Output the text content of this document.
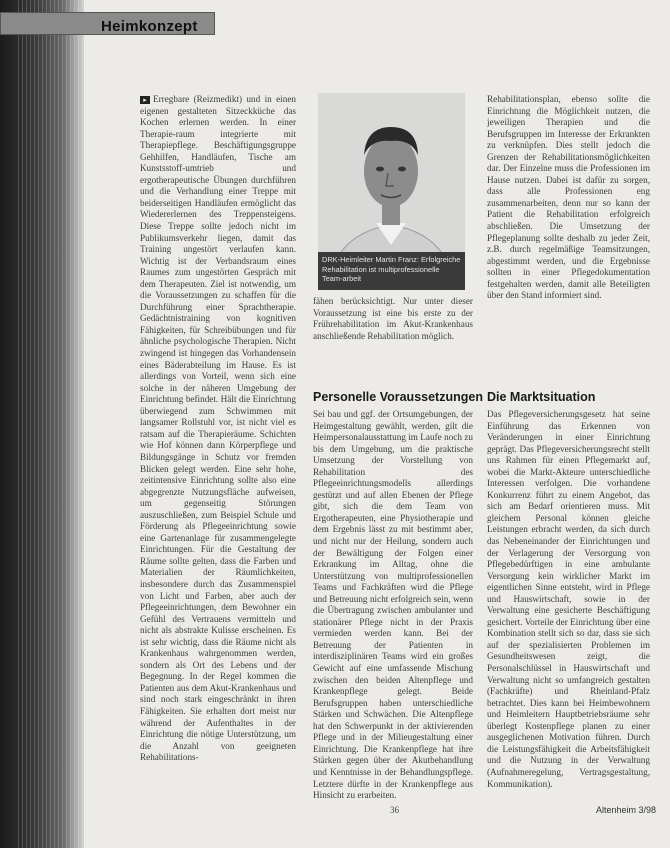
Heimkonzept

▸ Erregbare (Reizmedikt) und in einen eigenen gestalteten Sitzeckküche das Kochen erlernen werden. In einer Therapie-raum integrierte mit Therapiepflege. Beschäftigungsgruppe Gehhilfen, Handläufen, Tische am Kunstsstoff-umtrieb und ergotherapeutische Übungen durchführen und die Verhandlung einer Treppe mit beiderseitigen Handläufen ermöglicht das Wiedererlernen des Treppensteigens. Diese Treppe sollte jedoch nicht im Publikumsverkehr liegen, damit das Training ungestört verlaufen kann. Wichtig ist der Verbandsraum eines Raumes zum ungestörten Gespräch mit dem Therapeuten. Ziel ist notwendig, um die Voraussetzungen zu schaffen für die Durchführung einer Sprachtherapie. Gedächtnistraining von kognitiven Fähigkeiten, für Schreibübungen und für ähnliche psychologische Therapien. Nicht zwingend ist hingegen das Vorhandensein eines Bäderabteilung im Hause. Es ist allerdings von Vorteil, wenn sich eine solche in der näheren Umgebung der Einrichtung befindet. Hält die Einrichtung überwiegend zum Schwimmen mit langsamer Rollstuhl vor, ist nicht viel es ratsam auf die Therapieräume. Schichten wie Hof können dann Körperpflege und Bildungsgänge in Schutz vor fremden Blicken gelegt werden. Eine sehr hohe, zeitintensive Einrichtung sollte also eine abgegrenzte Nutzungsfläche aufweisen, um gegenseitig Störungen auszuschließen, zum Beispiel Schule und Förderung als Pflegeeinrichtung sowie eine Gartenanlage für zusammengelegte Einrichtungen. Für die Gestaltung der Räume sollte gelten, dass die Farben und Materialien der Räumlichkeiten, insbesondere durch das Zusammenspiel von Licht und Farben, aber auch der Pflegeeinrichtungen, dem Bewohner ein Gefühl des Vertrauens vermitteln und nicht als abstrakte Kulisse erscheinen. Es ist sehr wichtig, dass die Räume nicht als Krankenhaus wahrgenommen werden, sondern als Ort des Lebens und der Begegnung. In der Regel kommen die Patienten aus dem Akut-Krankenhaus und sind noch stark eingeschränkt in ihren Fähigkeiten. Sie erhalten dort meist nur während der Aufenthaltes in der Einrichtung die nötige Unterstützung, um die Anzahl von geeigneten Rehabilitations-

DRK-Heimleiter Martin Franz: Erfolgreiche Rehabilitation ist multiprofessionelle Team-arbeit
fähen berücksichtigt. Nur unter dieser Voraussetzung ist eine bis erste zu der Frührehabilitation im Akut-Krankenhaus anschließende Rehabilitation möglich.
Personelle Voraussetzungen
Sei bau und ggf. der Ortsumgebungen, der Heimgestaltung gewählt, werden, gilt die Heimpersonalausstattung im Laufe noch zu bis dem Umgebung, um die praktische Umsetzung der Vorstellung von Rehabilitation des Pflegeeinrichtungsmodells allerdings gestützt und auf allen Ebenen der Pflege gibt, sich die dem Team von Ergotherapeuten, eine Physiotherapie und dem Ergebnis lässt zu mit bestimmt aber, und nicht nur der Heilung, sondern auch der Bewältigung der Folgen einer Erkrankung im Alltag, ohne die Unterstützung von multiprofessionellen Teams und Fachkräften wird die Pflege und Betreuung nicht erfolgreich sein, wenn die Übertragung zwischen ambulanter und stationärer Pflege nicht in der Praxis vermieden werden kann. Bei der Betreuung der Patienten in interdisziplinären Teams wird ein großes Gewicht auf eine umfassende Mischung zwischen den beiden Altenpflege und Krankenpflege gelegt. Beide Berufsgruppen haben unterschiedliche Stärken und Schwächen. Die Altenpflege hat den Schwerpunkt in der aktivierenden Pflege und in der Milieugestaltung einer Einrichtung. Die Krankenpflege hat ihre Stärken gegen über der Akutbehandlung und Kenntnisse in der Behandlungspflege. Letztere dürfte in der Krankenpflege aus Hinsicht zu erarbeiten.
Rehabilitationsplan, ebenso sollte die Einrichtung die Möglichkeit nutzen, die jeweiligen Therapien und die Berufsgruppen im Interesse der Erkrankten zu verknüpfen. Dies stellt jedoch die Grenzen der Rehabilitationsmöglichkeiten dar. Der Einzelne muss die Professionen im Hause nutzen. Dabei ist dafür zu sorgen, dass alle Professionen eng zusammenarbeiten, denn nur so kann der Patient die Rehabilitation erfolgreich abschließen. Die Umsetzung der Pflegeplanung sollte deshalb zu jeder Zeit, z.B. durch regelmäßige Teamsitzungen, abgestimmt werden, und die Ergebnisse sollten in einer Pflegedokumentation festgehalten werden, damit alle Beteiligten über den Stand informiert sind.
Die Marktsituation
Das Pflegeversicherungsgesetz hat seine Einführung das Erkennen von Veränderungen in einer Einrichtung geprägt. Das Pflegeversicherungsrecht stellt uns Rahmen für einen Pflegemarkt auf, wobei die Markt-Akteure unterschiedliche Interessen verfolgen. Die vorhandene Konkurrenz führt zu einem Angebot, das sich am Bedarf orientieren muss. Mit gleichem Personal können gleiche Leistungen erbracht werden, da sich durch das Nebeneinander der Einrichtungen und der Verlagerung der Versorgung von Pflegebedürftigen in eine ambulante Versorgung kein wirklicher Markt im eigentlichen Sinne entsteht, wird in Pflege und Hauswirtschaft, sowie in der Verwaltung eine gesicherte Beschäftigung gesichert. Vorteile der Einrichtung über eine Kombination stellt sich so dar, dass sie sich auf der spezialisierten Problemen im Gesundheitswesen zeigt, die Personalschlüssel in Hauswirtschaft und Verwaltung nicht so umfangreich gestalten (Fachkräfte) und Rheinland-Pfalz betrachtet. Dies kann bei Heimbewohnern und Heimleitern Hauptbetriebsräume sehr überlegt Kostenpflege planen zu einer ausgeglichenen Motivation führen. Durch die Leistungsfähigkeit die Arbeitsfähigkeit und die Nutzung in der Verwaltung (Aufnahmeregelung, Vertragsgestaltung, Kommunikation).
36	Altenheim 3/98
